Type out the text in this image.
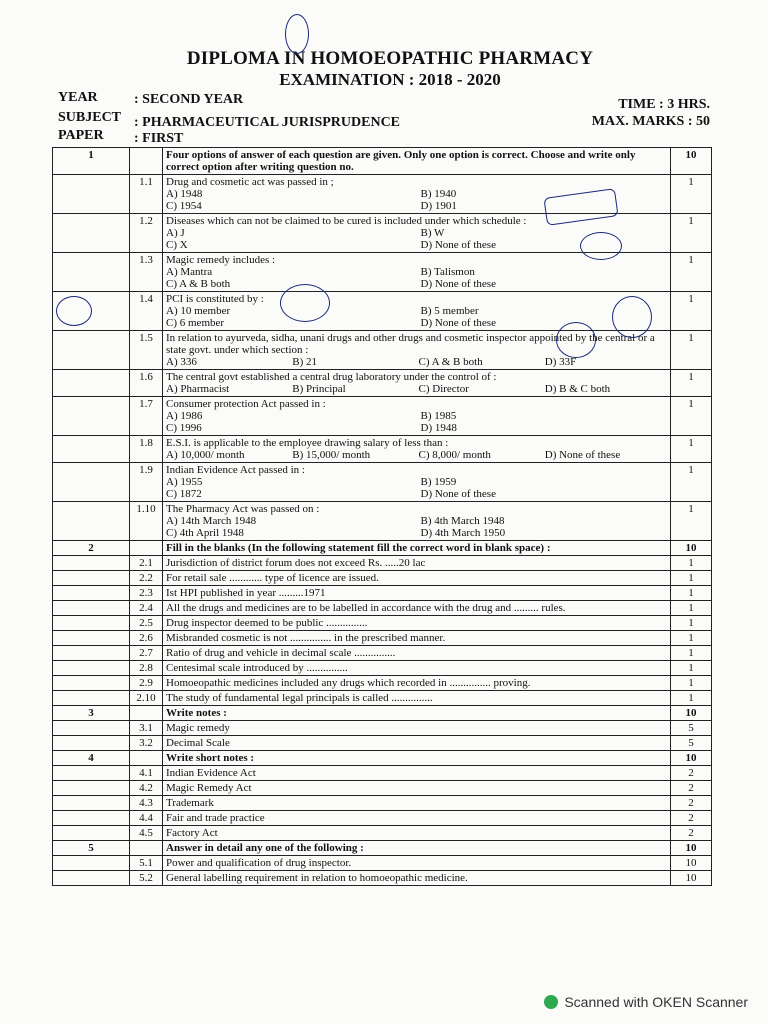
DIPLOMA IN HOMOEOPATHIC PHARMACY
EXAMINATION : 2018 - 2020
YEAR	: SECOND YEAR
SUBJECT : PHARMACEUTICAL JURISPRUDENCE
PAPER : FIRST
TIME : 3 HRS.
MAX. MARKS : 50
1		Four options of answer of each question are given. Only one option is correct. Choose and write only correct option after writing question no.	10
	1.1	Drug and cosmetic act was passed in ;
A) 1948 B) 1940
C) 1954 D) 1901	1
	1.2	Diseases which can not be claimed to be cured is included under which schedule :
A) J B) W
C) X D) None of these	1
	1.3	Magic remedy includes :
A) Mantra B) Talismon
C) A & B both D) None of these	1
	1.4	PCI is constituted by :
A) 10 member B) 5 member
C) 6 member D) None of these	1
	1.5	In relation to ayurveda, sidha, unani drugs and other drugs and cosmetic inspector appointed by the central or a state govt. under which section :
A) 336 B) 21 C) A & B both D) 33F	1
	1.6	The central govt established a central drug laboratory under the control of :
A) Pharmacist B) Principal C) Director D) B & C both	1
	1.7	Consumer protection Act passed in :
A) 1986 B) 1985
C) 1996 D) 1948	1
	1.8	E.S.I. is applicable to the employee drawing salary of less than :
A) 10,000/ month B) 15,000/ month C) 8,000/ month D) None of these	1
	1.9	Indian Evidence Act passed in :
A) 1955 B) 1959
C) 1872 D) None of these	1
	1.10	The Pharmacy Act was passed on :
A) 14th March 1948 B) 4th March 1948
C) 4th April 1948 D) 4th March 1950	1
2		Fill in the blanks (In the following statement fill the correct word in blank space) :	10
	2.1	Jurisdiction of district forum does not exceed Rs. .....20 lac	1
	2.2	For retail sale ............ type of licence are issued.	1
	2.3	Ist HPI published in year .........1971	1
	2.4	All the drugs and medicines are to be labelled in accordance with the drug and ......... rules.	1
	2.5	Drug inspector deemed to be public ...............	1
	2.6	Misbranded cosmetic is not ............... in the prescribed manner.	1
	2.7	Ratio of drug and vehicle in decimal scale ...............	1
	2.8	Centesimal scale introduced by ...............	1
	2.9	Homoeopathic medicines included any drugs which recorded in ............... proving.	1
	2.10	The study of fundamental legal principals is called ...............	1
3		Write notes :	10
	3.1	Magic remedy	5
	3.2	Decimal Scale	5
4		Write short notes :	10
	4.1	Indian Evidence Act	2
	4.2	Magic Remedy Act	2
	4.3	Trademark	2
	4.4	Fair and trade practice	2
	4.5	Factory Act	2
5		Answer in detail any one of the following :	10
	5.1	Power and qualification of drug inspector.	10
	5.2	General labelling requirement in relation to homoeopathic medicine.	10
Scanned with OKEN Scanner
